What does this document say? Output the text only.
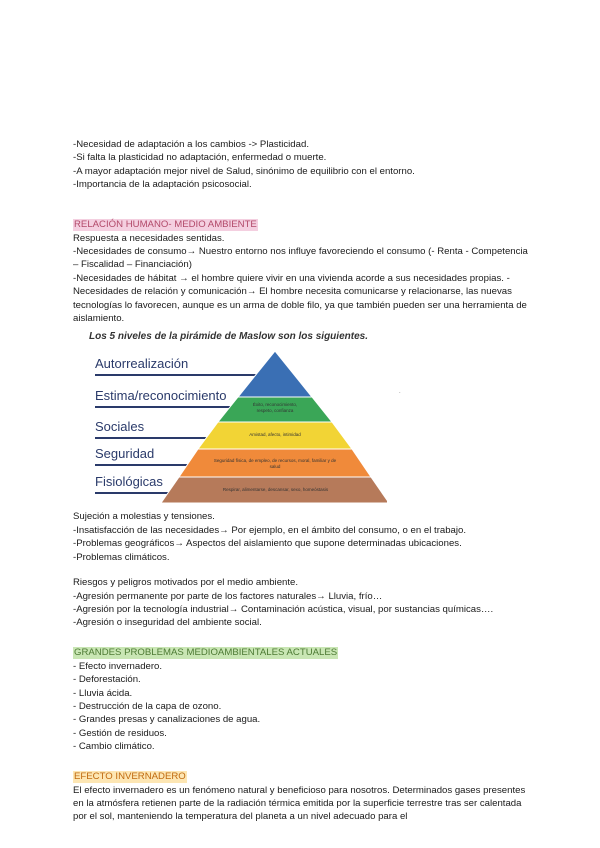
-Necesidad de adaptación a los cambios -> Plasticidad.
-Si falta la plasticidad no adaptación, enfermedad o muerte.
-A mayor adaptación mejor nivel de Salud, sinónimo de equilibrio con el entorno.
-Importancia de la adaptación psicosocial.
RELACIÓN HUMANO- MEDIO AMBIENTE
Respuesta a necesidades sentidas.
-Necesidades de consumo→ Nuestro entorno nos influye favoreciendo el consumo (- Renta - Competencia – Fiscalidad – Financiación)
-Necesidades de hábitat → el hombre quiere vivir en una vivienda acorde a sus necesidades propias. -Necesidades de relación y comunicación→ El hombre necesita comunicarse y relacionarse, las nuevas tecnologías lo favorecen, aunque es un arma de doble filo, ya que también pueden ser una herramienta de aislamiento.
Los 5 niveles de la pirámide de Maslow son los siguientes.
Autorrealización
Estima/reconocimiento
Sociales
Seguridad
Fisiológicas
Éxito, reconocimiento, respeto, confianza
Amistad, afecto, intimidad
Seguridad física, de empleo, de recursos, moral, familiar y de salud
Respirar, alimentarse, descansar, sexo, homeóstasis
.
Sujeción a molestias y tensiones.
-Insatisfacción de las necesidades→ Por ejemplo, en el ámbito del consumo, o en el trabajo.
-Problemas geográficos→ Aspectos del aislamiento que supone determinadas ubicaciones.
-Problemas climáticos.
Riesgos y peligros motivados por el medio ambiente.
-Agresión permanente por parte de los factores naturales→ Lluvia, frío…
-Agresión por la tecnología industrial→ Contaminación acústica, visual, por sustancias químicas….
-Agresión o inseguridad del ambiente social.
GRANDES PROBLEMAS MEDIOAMBIENTALES ACTUALES
- Efecto invernadero.
- Deforestación.
- Lluvia ácida.
- Destrucción de la capa de ozono.
- Grandes presas y canalizaciones de agua.
- Gestión de residuos.
- Cambio climático.
EFECTO INVERNADERO
El efecto invernadero es un fenómeno natural y beneficioso para nosotros. Determinados gases presentes en la atmósfera retienen parte de la radiación térmica emitida por la superficie terrestre tras ser calentada por el sol, manteniendo la temperatura del planeta a un nivel adecuado para el
